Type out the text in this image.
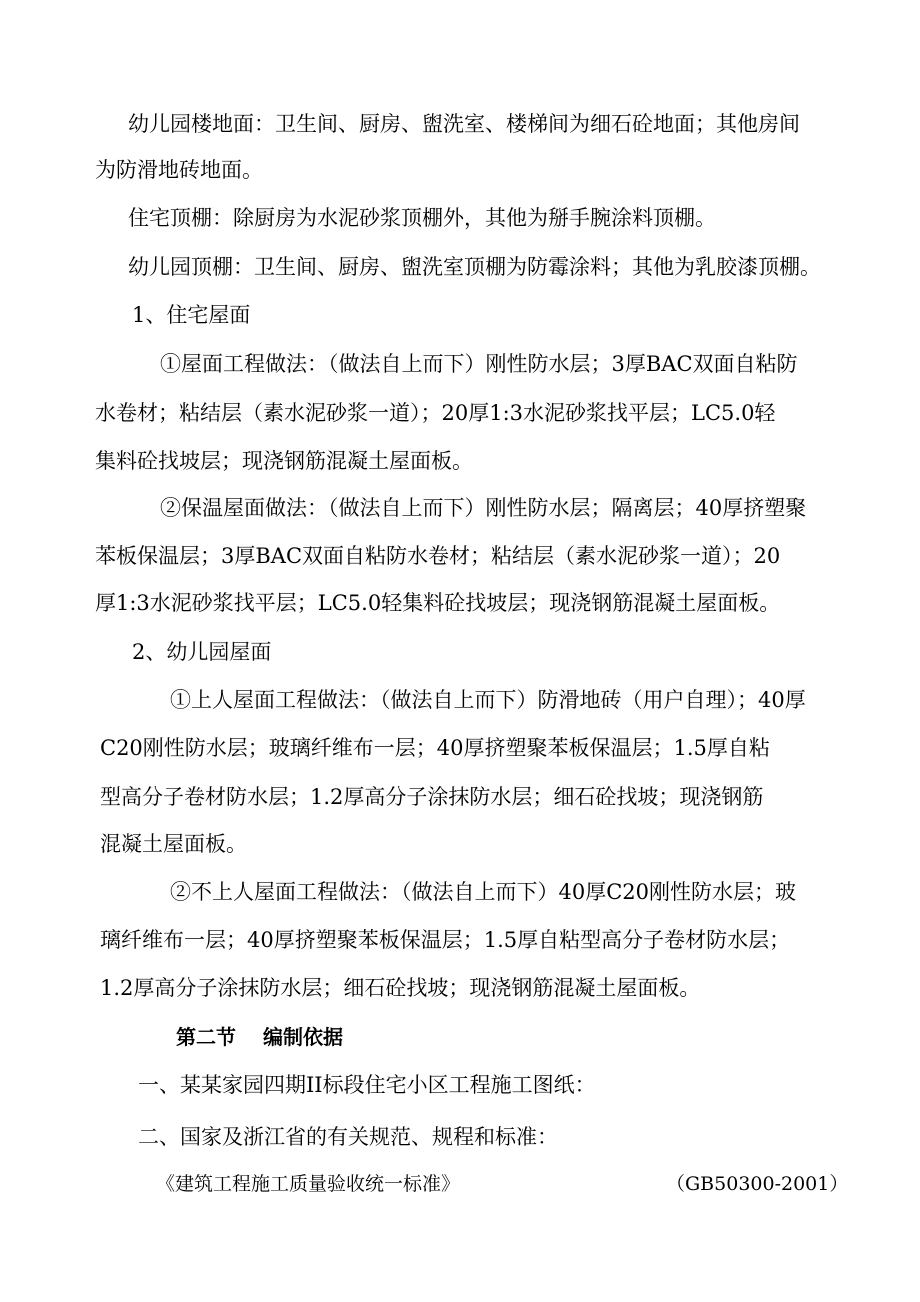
幼儿园楼地面：卫生间、厨房、盥洗室、楼梯间为细石砼地面；其他房间
为防滑地砖地面。
住宅顶棚：除厨房为水泥砂浆顶棚外，其他为掰手腕涂料顶棚。
幼儿园顶棚：卫生间、厨房、盥洗室顶棚为防霉涂料；其他为乳胶漆顶棚。
1、住宅屋面
①屋面工程做法：（做法自上而下）刚性防水层；3厚BAC双面自粘防
水卷材；粘结层（素水泥砂浆一道）；20厚1:3水泥砂浆找平层；LC5.0轻
集料砼找坡层；现浇钢筋混凝土屋面板。
②保温屋面做法：（做法自上而下）刚性防水层；隔离层；40厚挤塑聚
苯板保温层；3厚BAC双面自粘防水卷材；粘结层（素水泥砂浆一道）；20
厚1:3水泥砂浆找平层；LC5.0轻集料砼找坡层；现浇钢筋混凝土屋面板。
2、幼儿园屋面
①上人屋面工程做法：（做法自上而下）防滑地砖（用户自理）；40厚
C20刚性防水层；玻璃纤维布一层；40厚挤塑聚苯板保温层；1.5厚自粘
型高分子卷材防水层；1.2厚高分子涂抹防水层；细石砼找坡；现浇钢筋
混凝土屋面板。
②不上人屋面工程做法：（做法自上而下）40厚C20刚性防水层；玻
璃纤维布一层；40厚挤塑聚苯板保温层；1.5厚自粘型高分子卷材防水层；
1.2厚高分子涂抹防水层；细石砼找坡；现浇钢筋混凝土屋面板。
第二节　 编制依据
一、某某家园四期II标段住宅小区工程施工图纸：
二、国家及浙江省的有关规范、规程和标准：
《建筑工程施工质量验收统一标准》	（GB50300-2001）
